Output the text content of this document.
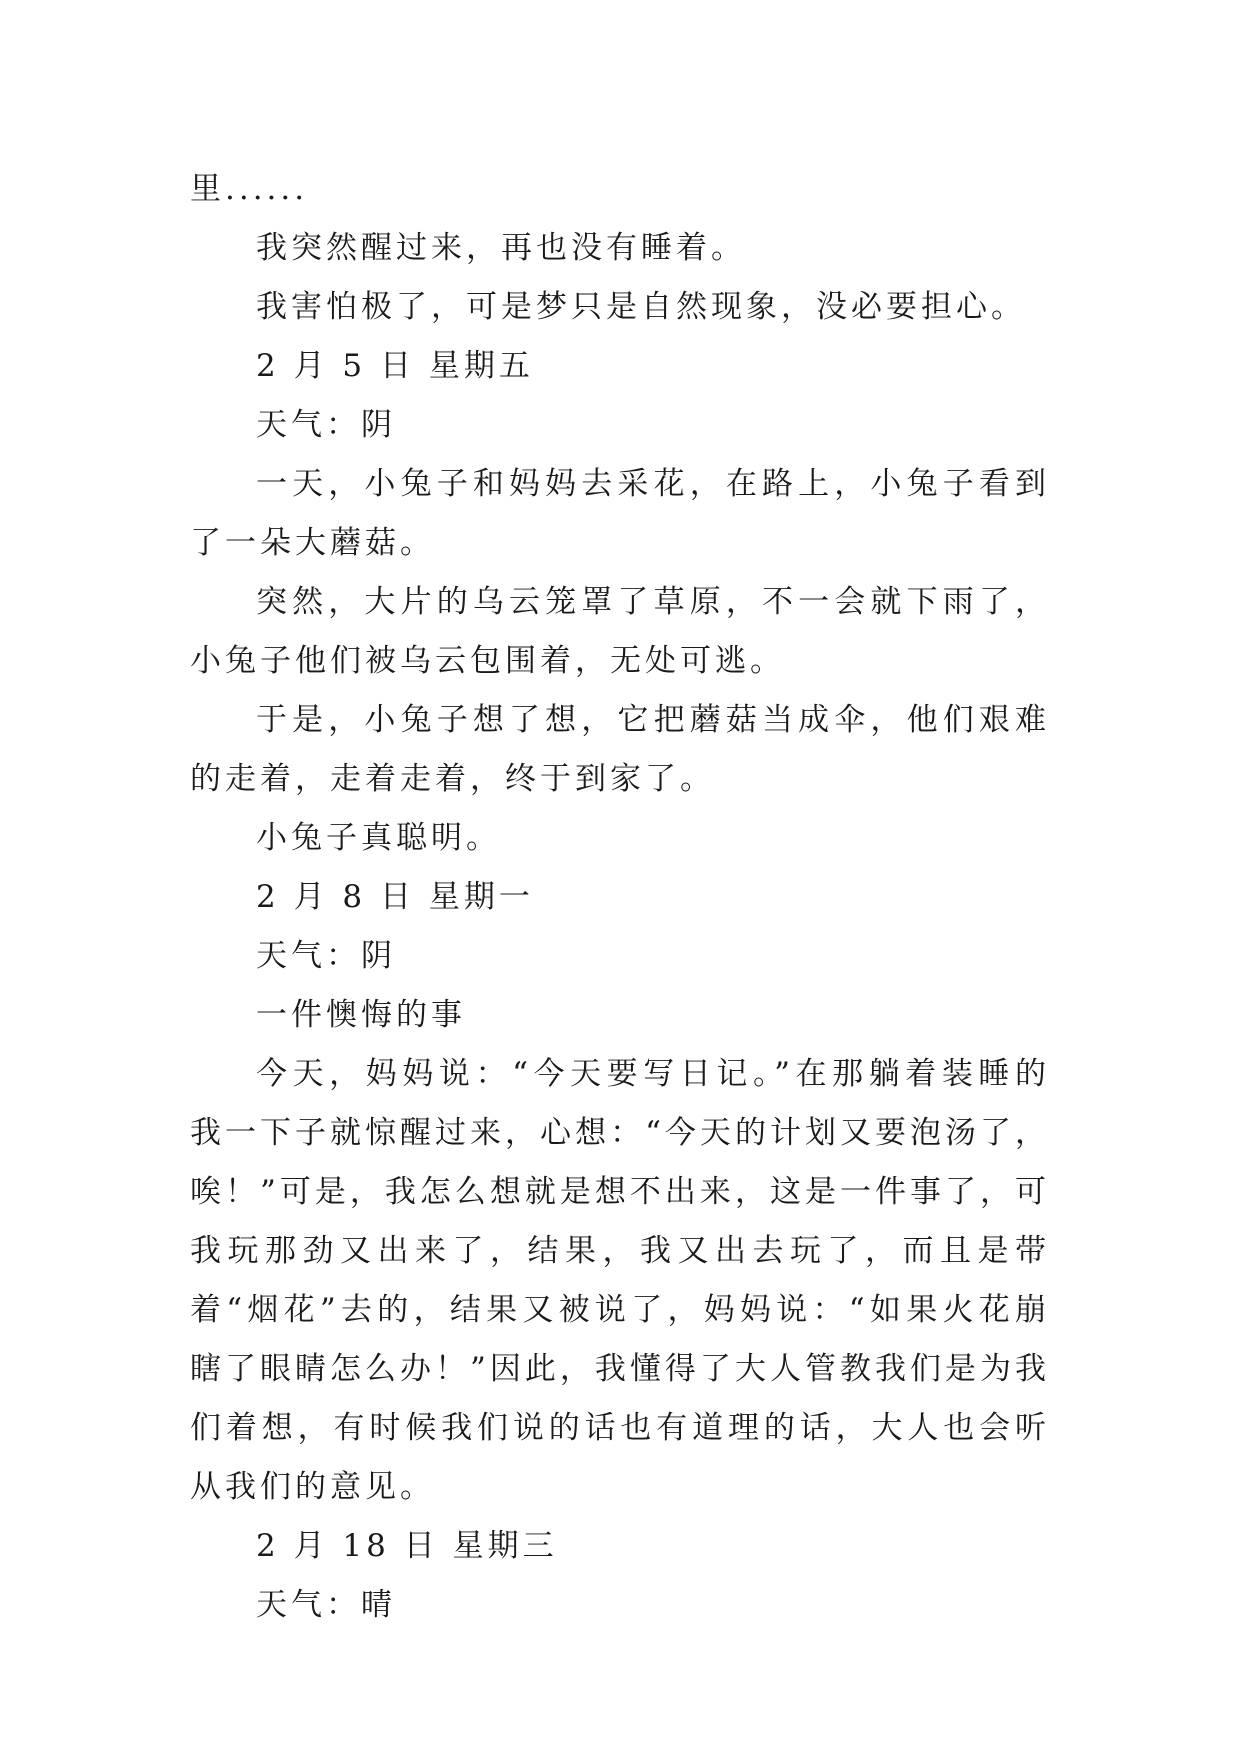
里......

我突然醒过来，再也没有睡着。

我害怕极了，可是梦只是自然现象，没必要担心。

2 月 5 日 星期五

天气：阴

一天，小兔子和妈妈去采花，在路上，小兔子看到了一朵大蘑菇。

突然，大片的乌云笼罩了草原，不一会就下雨了，小兔子他们被乌云包围着，无处可逃。

于是，小兔子想了想，它把蘑菇当成伞，他们艰难的走着，走着走着，终于到家了。

小兔子真聪明。

2 月 8 日 星期一

天气：阴

一件懊悔的事

今天，妈妈说：“今天要写日记。”在那躺着装睡的我一下子就惊醒过来，心想：“今天的计划又要泡汤了，唉！”可是，我怎么想就是想不出来，这是一件事了，可我玩那劲又出来了，结果，我又出去玩了，而且是带着“烟花”去的，结果又被说了，妈妈说：“如果火花崩瞎了眼睛怎么办！”因此，我懂得了大人管教我们是为我们着想，有时候我们说的话也有道理的话，大人也会听从我们的意见。

2 月 18 日 星期三

天气：晴
